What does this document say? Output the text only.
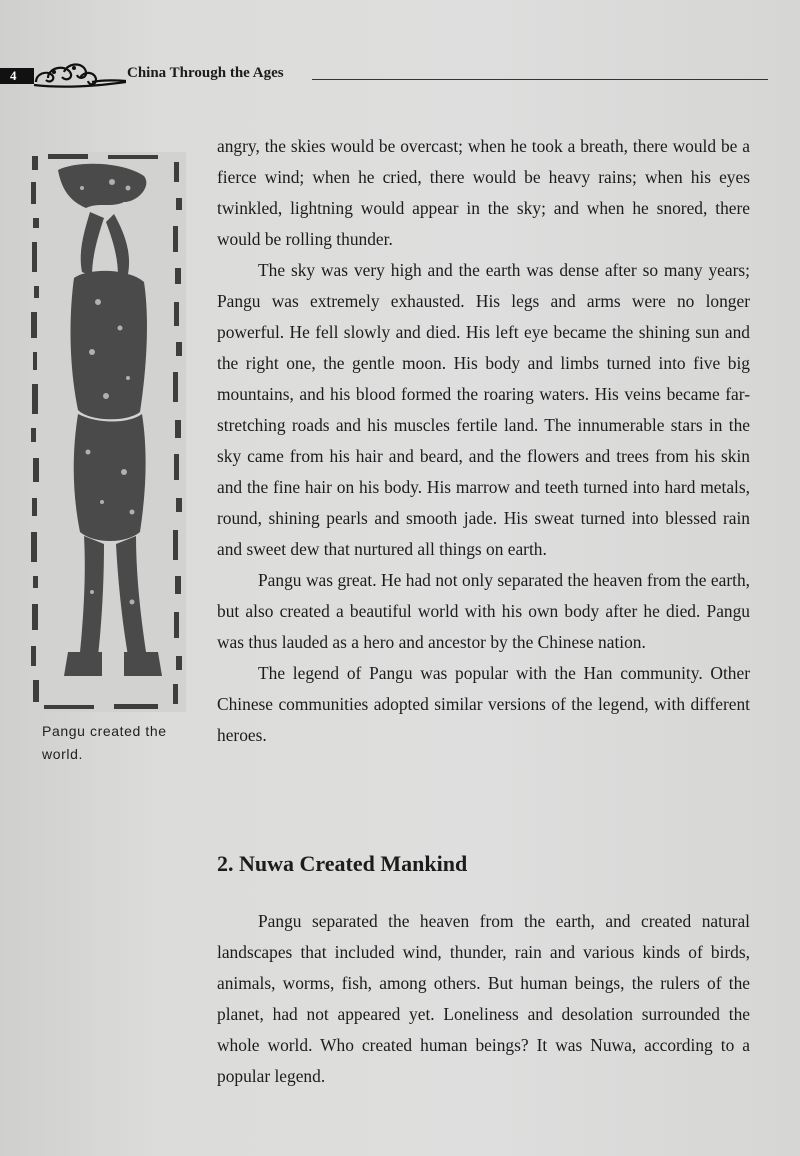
4	China Through the Ages
Pangu created the world.

angry, the skies would be overcast; when he took a breath, there would be a fierce wind; when he cried, there would be heavy rains; when his eyes twinkled, lightning would appear in the sky; and when he snored, there would be rolling thunder.

The sky was very high and the earth was dense after so many years; Pangu was extremely exhausted. His legs and arms were no longer powerful. He fell slowly and died. His left eye became the shining sun and the right one, the gentle moon. His body and limbs turned into five big mountains, and his blood formed the roaring waters. His veins became far-stretching roads and his muscles fertile land. The innumerable stars in the sky came from his hair and beard, and the flowers and trees from his skin and the fine hair on his body. His marrow and teeth turned into hard metals, round, shining pearls and smooth jade. His sweat turned into blessed rain and sweet dew that nurtured all things on earth.

Pangu was great. He had not only separated the heaven from the earth, but also created a beautiful world with his own body after he died. Pangu was thus lauded as a hero and ancestor by the Chinese nation.

The legend of Pangu was popular with the Han community. Other Chinese communities adopted similar versions of the legend, with different heroes.

2. Nuwa Created Mankind

Pangu separated the heaven from the earth, and created natural landscapes that included wind, thunder, rain and various kinds of birds, animals, worms, fish, among others. But human beings, the rulers of the planet, had not appeared yet. Loneliness and desolation surrounded the whole world. Who created human beings? It was Nuwa, according to a popular legend.
